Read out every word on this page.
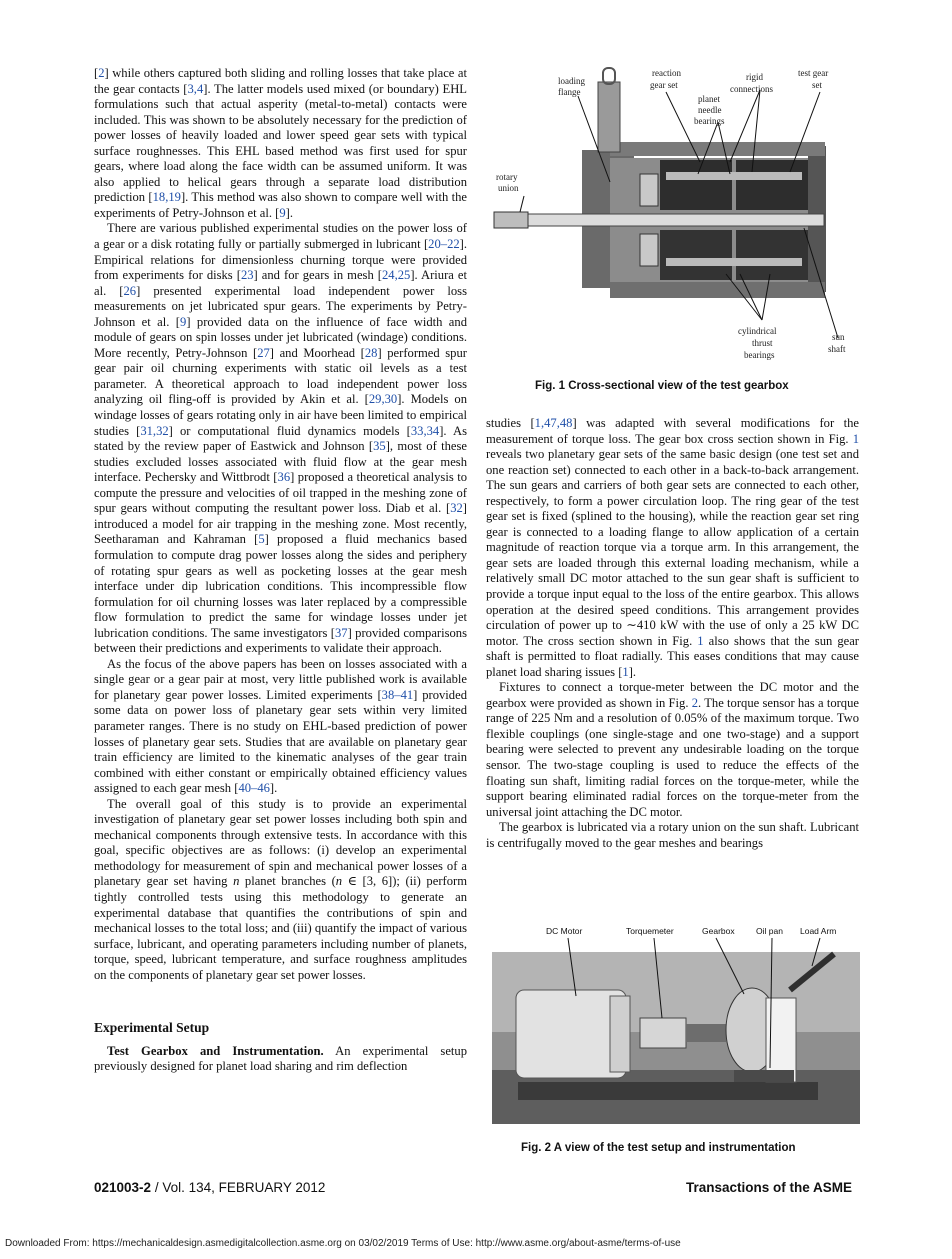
[2] while others captured both sliding and rolling losses that take place at the gear contacts [3,4]. The latter models used mixed (or boundary) EHL formulations such that actual asperity (metal-to-metal) contacts were included. This was shown to be absolutely necessary for the prediction of power losses of heavily loaded and lower speed gear sets with typical surface roughnesses. This EHL based method was first used for spur gears, where load along the face width can be assumed uniform. It was also applied to helical gears through a separate load distribution prediction [18,19]. This method was also shown to compare well with the experiments of Petry-Johnson et al. [9].

There are various published experimental studies on the power loss of a gear or a disk rotating fully or partially submerged in lubricant [20–22]. Empirical relations for dimensionless churning torque were provided from experiments for disks [23] and for gears in mesh [24,25]. Ariura et al. [26] presented experimental load independent power loss measurements on jet lubricated spur gears. The experiments by Petry-Johnson et al. [9] provided data on the influence of face width and module of gears on spin losses under jet lubricated (windage) conditions. More recently, Petry-Johnson [27] and Moorhead [28] performed spur gear pair oil churning experiments with static oil levels as a test parameter. A theoretical approach to load independent power loss analyzing oil fling-off is provided by Akin et al. [29,30]. Models on windage losses of gears rotating only in air have been limited to empirical studies [31,32] or computational fluid dynamics models [33,34]. As stated by the review paper of Eastwick and Johnson [35], most of these studies excluded losses associated with fluid flow at the gear mesh interface. Pechersky and Wittbrodt [36] proposed a theoretical analysis to compute the pressure and velocities of oil trapped in the meshing zone of spur gears without computing the resultant power loss. Diab et al. [32] introduced a model for air trapping in the meshing zone. Most recently, Seetharaman and Kahraman [5] proposed a fluid mechanics based formulation to compute drag power losses along the sides and periphery of rotating spur gears as well as pocketing losses at the gear mesh interface under dip lubrication conditions. This incompressible flow formulation for oil churning losses was later replaced by a compressible flow formulation to predict the same for windage losses under jet lubrication conditions. The same investigators [37] provided comparisons between their predictions and experiments to validate their approach.

As the focus of the above papers has been on losses associated with a single gear or a gear pair at most, very little published work is available for planetary gear power losses. Limited experiments [38–41] provided some data on power loss of planetary gear sets within very limited parameter ranges. There is no study on EHL-based prediction of power losses of planetary gear sets. Studies that are available on planetary gear train efficiency are limited to the kinematic analyses of the gear train combined with either constant or empirically obtained efficiency values assigned to each gear mesh [40–46].

The overall goal of this study is to provide an experimental investigation of planetary gear set power losses including both spin and mechanical components through extensive tests. In accordance with this goal, specific objectives are as follows: (i) develop an experimental methodology for measurement of spin and mechanical power losses of a planetary gear set having n planet branches (n ∈ [3, 6]); (ii) perform tightly controlled tests using this methodology to generate an experimental database that quantifies the contributions of spin and mechanical losses to the total loss; and (iii) quantify the impact of various surface, lubricant, and operating parameters including number of planets, torque, speed, lubricant temperature, and surface roughness amplitudes on the components of planetary gear set power losses.

Experimental Setup

Test Gearbox and Instrumentation. An experimental setup previously designed for planet load sharing and rim deflection

loading
flange
reaction
gear set
rigid
connections
test gear
set
planet
needle
bearings
rotary
union
cylindrical
thrust
bearings
sun
shaft
Fig. 1 Cross-sectional view of the test gearbox

studies [1,47,48] was adapted with several modifications for the measurement of torque loss. The gear box cross section shown in Fig. 1 reveals two planetary gear sets of the same basic design (one test set and one reaction set) connected to each other in a back-to-back arrangement. The sun gears and carriers of both gear sets are connected to each other, respectively, to form a power circulation loop. The ring gear of the test gear set is fixed (splined to the housing), while the reaction gear set ring gear is connected to a loading flange to allow application of a certain magnitude of reaction torque via a torque arm. In this arrangement, the gear sets are loaded through this external loading mechanism, while a relatively small DC motor attached to the sun gear shaft is sufficient to provide a torque input equal to the loss of the entire gearbox. This allows operation at the desired speed conditions. This arrangement provides circulation of power up to ∼410 kW with the use of only a 25 kW DC motor. The cross section shown in Fig. 1 also shows that the sun gear shaft is permitted to float radially. This eases conditions that may cause planet load sharing issues [1].

Fixtures to connect a torque-meter between the DC motor and the gearbox were provided as shown in Fig. 2. The torque sensor has a torque range of 225 Nm and a resolution of 0.05% of the maximum torque. Two flexible couplings (one single-stage and one two-stage) and a support bearing were selected to prevent any undesirable loading on the torque sensor. The two-stage coupling is used to reduce the effects of the floating sun shaft, limiting radial forces on the torque-meter, while the support bearing eliminated radial forces on the torque-meter from the universal joint attaching the DC motor.

The gearbox is lubricated via a rotary union on the sun shaft. Lubricant is centrifugally moved to the gear meshes and bearings

DC Motor	Torquemeter	Gearbox	Oil pan Load Arm
Fig. 2 A view of the test setup and instrumentation
021003-2 / Vol. 134, FEBRUARY 2012	Transactions of the ASME
Downloaded From: https://mechanicaldesign.asmedigitalcollection.asme.org on 03/02/2019 Terms of Use: http://www.asme.org/about-asme/terms-of-use
